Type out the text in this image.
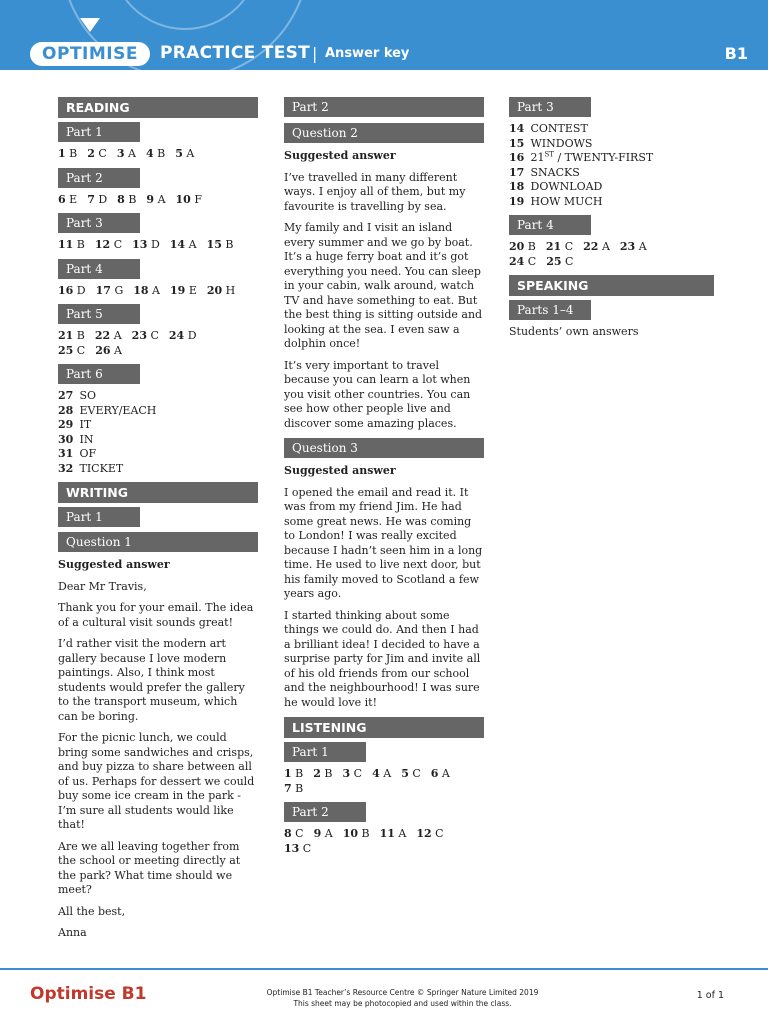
OPTIMISE	PRACTICE TEST | Answer key	B1
READING
Part 1
1 B 2 C 3 A 4 B 5 A
Part 2
6 E 7 D 8 B 9 A 10 F
Part 3
11 B 12 C 13 D 14 A 15 B
Part 4
16 D 17 G 18 A 19 E 20 H
Part 5
21 B 22 A 23 C 24 D
25 C 26 A
Part 6
27 SO
28 EVERY/EACH
29 IT
30 IN
31 OF
32 TICKET
WRITING
Part 1
Question 1
Suggested answer
Dear Mr Travis,
Thank you for your email. The idea of a cultural visit sounds great!
I’d rather visit the modern art gallery because I love modern paintings. Also, I think most students would prefer the gallery to the transport museum, which can be boring.
For the picnic lunch, we could bring some sandwiches and crisps, and buy pizza to share between all of us. Perhaps for dessert we could buy some ice cream in the park - I’m sure all students would like that!
Are we all leaving together from the school or meeting directly at the park? What time should we meet?
All the best,
Anna
Part 2
Question 2
Suggested answer
I’ve travelled in many different ways. I enjoy all of them, but my favourite is travelling by sea.
My family and I visit an island every summer and we go by boat. It’s a huge ferry boat and it’s got everything you need. You can sleep in your cabin, walk around, watch TV and have something to eat. But the best thing is sitting outside and looking at the sea. I even saw a dolphin once!
It’s very important to travel because you can learn a lot when you visit other countries. You can see how other people live and discover some amazing places.
Question 3
Suggested answer
I opened the email and read it. It was from my friend Jim. He had some great news. He was coming to London! I was really excited because I hadn’t seen him in a long time. He used to live next door, but his family moved to Scotland a few years ago.
I started thinking about some things we could do. And then I had a brilliant idea! I decided to have a surprise party for Jim and invite all of his old friends from our school and the neighbourhood! I was sure he would love it!
LISTENING
Part 1
1 B 2 B 3 C 4 A 5 C 6 A
7 B
Part 2
8 C 9 A 10 B 11 A 12 C
13 C
Part 3
14 CONTEST
15 WINDOWS
16 21ST / TWENTY-FIRST
17 SNACKS
18 DOWNLOAD
19 HOW MUCH
Part 4
20 B 21 C 22 A 23 A
24 C 25 C
SPEAKING
Parts 1–4
Students’ own answers
Optimise B1	Optimise B1 Teacher’s Resource Centre © Springer Nature Limited 2019
This sheet may be photocopied and used within the class.
1 of 1
